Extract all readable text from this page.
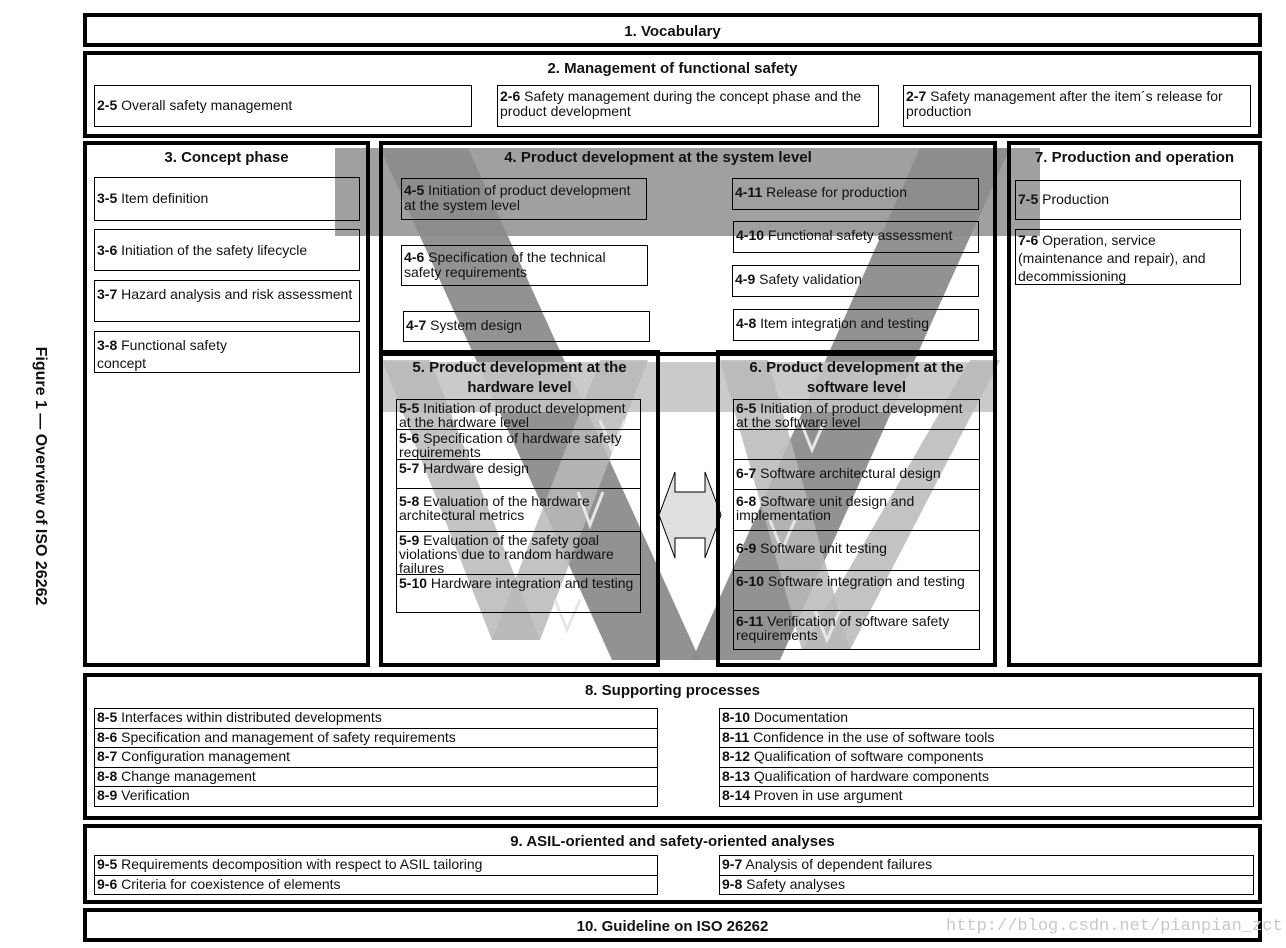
Figure 1 — Overview of ISO 26262
1. Vocabulary
2. Management of functional safety
2-5 Overall safety management
2-6 Safety management during the concept phase and the product development
2-7 Safety management after the item´s release for production
3. Concept phase
3-5 Item definition
3-6 Initiation of the safety lifecycle
3-7 Hazard analysis and risk assessment
3-8 Functional safety concept
4. Product development at the system level
4-5 Initiation of product development at the system level
4-6 Specification of the technical safety requirements
4-7 System design
4-11 Release for production
4-10 Functional safety assessment
4-9 Safety validation
4-8 Item integration and testing
5. Product development at the hardware level
5-5 Initiation of product development at the hardware level
5-6 Specification of hardware safety requirements
5-7 Hardware design
5-8 Evaluation of the hardware architectural metrics
5-9 Evaluation of the safety goal violations due to random hardware failures
5-10 Hardware integration and testing
6. Product development at the software level
6-5 Initiation of product development at the software level
6-7 Software architectural design
6-8 Software unit design and implementation
6-9 Software unit testing
6-10 Software integration and testing
6-11 Verification of software safety requirements
7. Production and operation
7-5 Production
7-6 Operation, service (maintenance and repair), and decommissioning
8. Supporting processes
8-5 Interfaces within distributed developments
8-6 Specification and management of safety requirements
8-7 Configuration management
8-8 Change management
8-9 Verification
8-10 Documentation
8-11 Confidence in the use of software tools
8-12 Qualification of software components
8-13 Qualification of hardware components
8-14 Proven in use argument
9. ASIL-oriented and safety-oriented analyses
9-5 Requirements decomposition with respect to ASIL tailoring
9-6 Criteria for coexistence of elements
9-7 Analysis of dependent failures
9-8 Safety analyses
10. Guideline on ISO 26262	http://blog.csdn.net/pianpian_zct
